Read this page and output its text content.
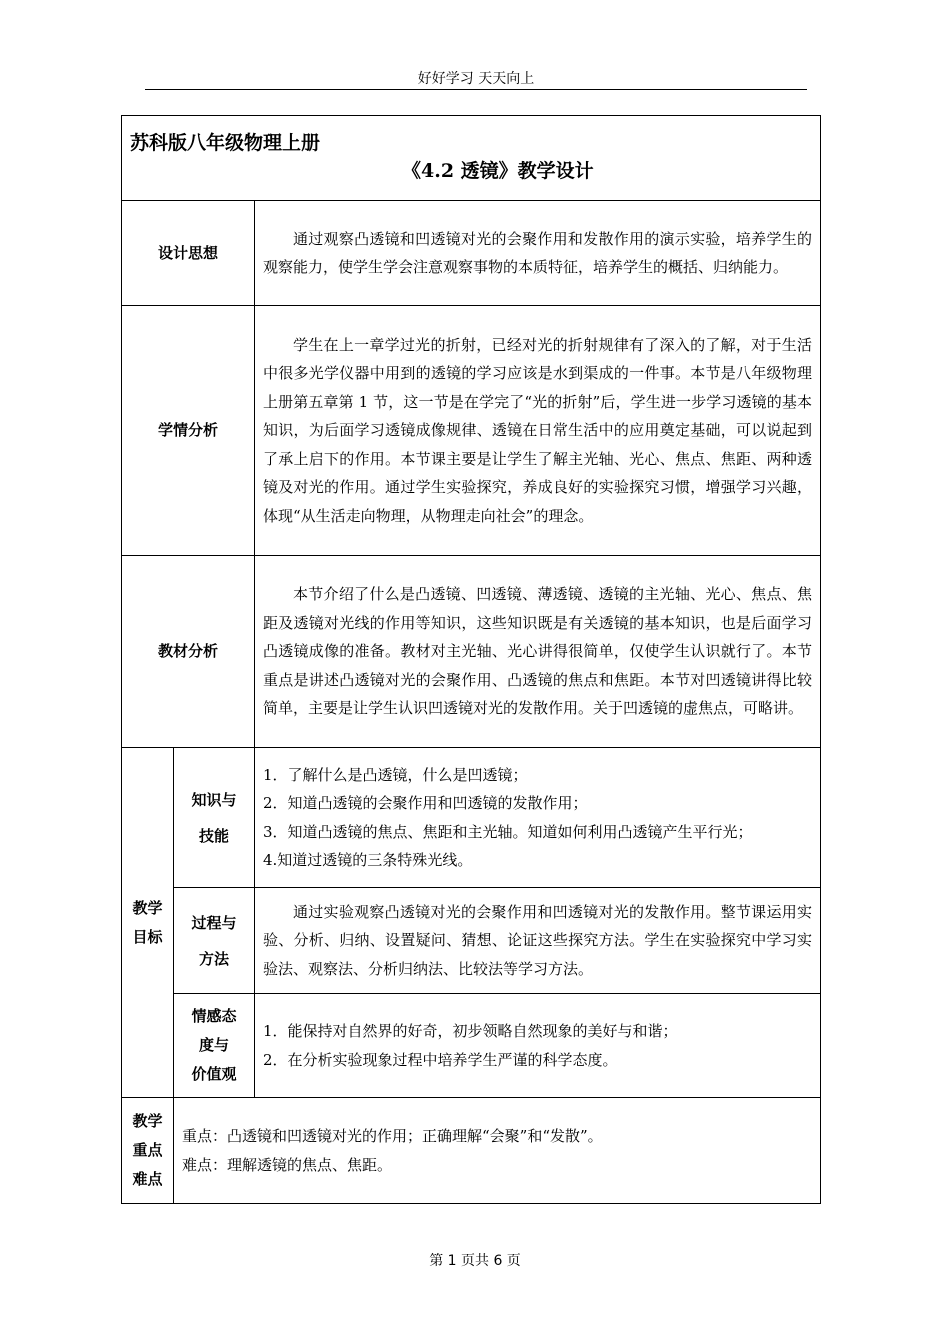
好好学习 天天向上
苏科版八年级物理上册
《4.2 透镜》教学设计		

设计思想		通过观察凸透镜和凹透镜对光的会聚作用和发散作用的演示实验，培养学生的观察能力，使学生学会注意观察事物的本质特征，培养学生的概括、归纳能力。
学情分析		学生在上一章学过光的折射，已经对光的折射规律有了深入的了解，对于生活中很多光学仪器中用到的透镜的学习应该是水到渠成的一件事。本节是八年级物理上册第五章第 1 节，这一节是在学完了“光的折射”后，学生进一步学习透镜的基本知识，为后面学习透镜成像规律、透镜在日常生活中的应用奠定基础，可以说起到了承上启下的作用。本节课主要是让学生了解主光轴、光心、焦点、焦距、两种透镜及对光的作用。通过学生实验探究，养成良好的实验探究习惯，增强学习兴趣，体现“从生活走向物理，从物理走向社会”的理念。
教材分析		本节介绍了什么是凸透镜、凹透镜、薄透镜、透镜的主光轴、光心、焦点、焦距及透镜对光线的作用等知识，这些知识既是有关透镜的基本知识，也是后面学习凸透镜成像的准备。教材对主光轴、光心讲得很简单，仅使学生认识就行了。本节重点是讲述凸透镜对光的会聚作用、凸透镜的焦点和焦距。本节对凹透镜讲得比较简单，主要是让学生认识凹透镜对光的发散作用。关于凹透镜的虚焦点，可略讲。

教学
目标	知识与
技能	1．了解什么是凸透镜，什么是凹透镜；
2．知道凸透镜的会聚作用和凹透镜的发散作用；
3．知道凸透镜的焦点、焦距和主光轴。知道如何利用凸透镜产生平行光；
4.知道过透镜的三条特殊光线。

	过程与
方法	通过实验观察凸透镜对光的会聚作用和凹透镜对光的发散作用。整节课运用实验、分析、归纳、设置疑问、猜想、论证这些探究方法。学生在实验探究中学习实验法、观察法、分析归纳法、比较法等学习方法。

	情感态
度与
价值观	1．能保持对自然界的好奇，初步领略自然现象的美好与和谐；
2．在分析实验现象过程中培养学生严谨的科学态度。

教学
重点
难点	重点：凸透镜和凹透镜对光的作用；正确理解“会聚”和“发散”。
难点：理解透镜的焦点、焦距。	
第 1 页共 6 页
